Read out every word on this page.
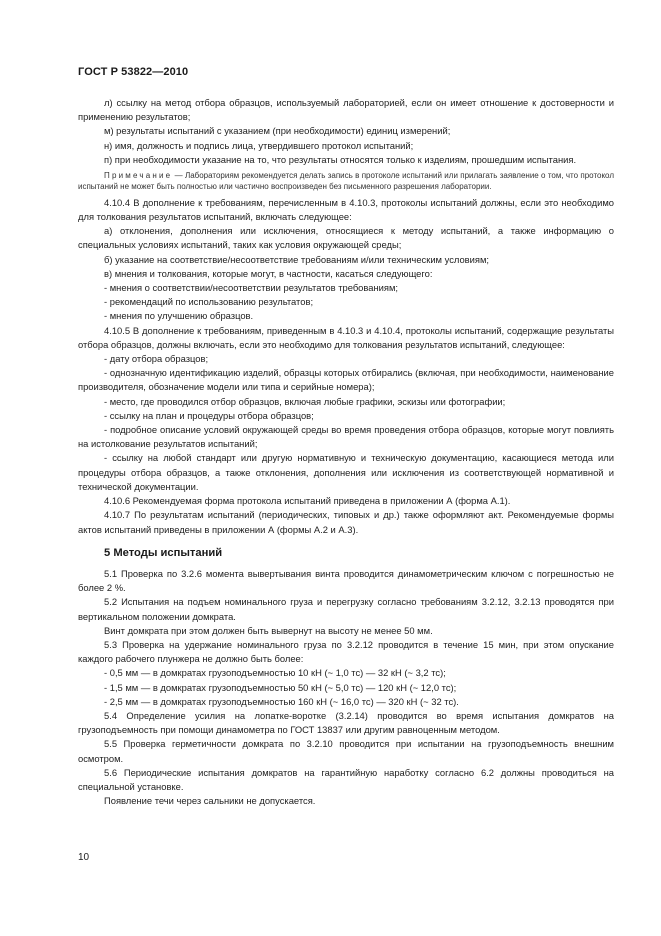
ГОСТ Р 53822—2010

л) ссылку на метод отбора образцов, используемый лабораторией, если он имеет отношение к достоверности и применению результатов;

м) результаты испытаний с указанием (при необходимости) единиц измерений;

н) имя, должность и подпись лица, утвердившего протокол испытаний;

п) при необходимости указание на то, что результаты относятся только к изделиям, прошедшим испытания.

Примечание — Лабораториям рекомендуется делать запись в протоколе испытаний или прилагать заявление о том, что протокол испытаний не может быть полностью или частично воспроизведен без письменного разрешения лаборатории.

4.10.4 В дополнение к требованиям, перечисленным в 4.10.3, протоколы испытаний должны, если это необходимо для толкования результатов испытаний, включать следующее:

а) отклонения, дополнения или исключения, относящиеся к методу испытаний, а также информацию о специальных условиях испытаний, таких как условия окружающей среды;

б) указание на соответствие/несоответствие требованиям и/или техническим условиям;

в) мнения и толкования, которые могут, в частности, касаться следующего:

- мнения о соответствии/несоответствии результатов требованиям;

- рекомендаций по использованию результатов;

- мнения по улучшению образцов.

4.10.5 В дополнение к требованиям, приведенным в 4.10.3 и 4.10.4, протоколы испытаний, содержащие результаты отбора образцов, должны включать, если это необходимо для толкования результатов испытаний, следующее:

- дату отбора образцов;

- однозначную идентификацию изделий, образцы которых отбирались (включая, при необходимости, наименование производителя, обозначение модели или типа и серийные номера);

- место, где проводился отбор образцов, включая любые графики, эскизы или фотографии;

- ссылку на план и процедуры отбора образцов;

- подробное описание условий окружающей среды во время проведения отбора образцов, которые могут повлиять на истолкование результатов испытаний;

- ссылку на любой стандарт или другую нормативную и техническую документацию, касающиеся метода или процедуры отбора образцов, а также отклонения, дополнения или исключения из соответствующей нормативной и технической документации.

4.10.6 Рекомендуемая форма протокола испытаний приведена в приложении А (форма А.1).

4.10.7 По результатам испытаний (периодических, типовых и др.) также оформляют акт. Рекомендуемые формы актов испытаний приведены в приложении А (формы А.2 и А.3).

5 Методы испытаний

5.1 Проверка по 3.2.6 момента вывертывания винта проводится динамометрическим ключом с погрешностью не более 2 %.

5.2 Испытания на подъем номинального груза и перегрузку согласно требованиям 3.2.12, 3.2.13 проводятся при вертикальном положении домкрата.

Винт домкрата при этом должен быть вывернут на высоту не менее 50 мм.

5.3 Проверка на удержание номинального груза по 3.2.12 проводится в течение 15 мин, при этом опускание каждого рабочего плунжера не должно быть более:

- 0,5 мм — в домкратах грузоподъемностью 10 кН (~ 1,0 тс) — 32 кН (~ 3,2 тс);

- 1,5 мм — в домкратах грузоподъемностью 50 кН (~ 5,0 тс) — 120 кН (~ 12,0 тс);

- 2,5 мм — в домкратах грузоподъемностью 160 кН (~ 16,0 тс) — 320 кН (~ 32 тс).

5.4 Определение усилия на лопатке-воротке (3.2.14) проводится во время испытания домкратов на грузоподъемность при помощи динамометра по ГОСТ 13837 или другим равноценным методом.

5.5 Проверка герметичности домкрата по 3.2.10 проводится при испытании на грузоподъемность внешним осмотром.

5.6 Периодические испытания домкратов на гарантийную наработку согласно 6.2 должны проводиться на специальной установке.

Появление течи через сальники не допускается.

10
